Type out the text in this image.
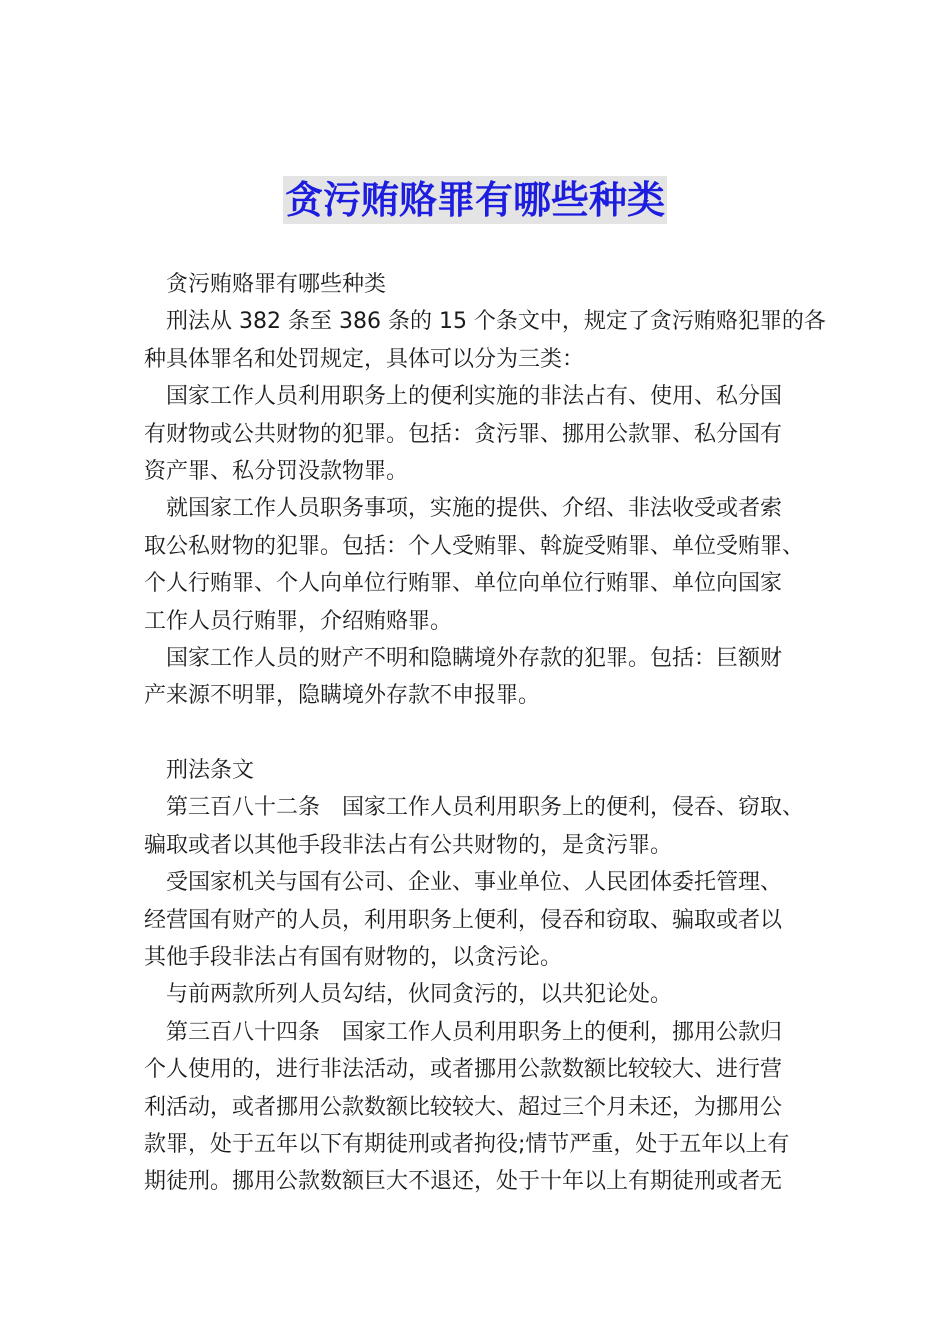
贪污贿赂罪有哪些种类
贪污贿赂罪有哪些种类
刑法从 382 条至 386 条的 15 个条文中，规定了贪污贿赂犯罪的各
种具体罪名和处罚规定，具体可以分为三类：
国家工作人员利用职务上的便利实施的非法占有、使用、私分国
有财物或公共财物的犯罪。包括：贪污罪、挪用公款罪、私分国有
资产罪、私分罚没款物罪。
就国家工作人员职务事项，实施的提供、介绍、非法收受或者索
取公私财物的犯罪。包括：个人受贿罪、斡旋受贿罪、单位受贿罪、
个人行贿罪、个人向单位行贿罪、单位向单位行贿罪、单位向国家
工作人员行贿罪，介绍贿赂罪。
国家工作人员的财产不明和隐瞒境外存款的犯罪。包括：巨额财
产来源不明罪，隐瞒境外存款不申报罪。
刑法条文
第三百八十二条　国家工作人员利用职务上的便利，侵吞、窃取、
骗取或者以其他手段非法占有公共财物的，是贪污罪。
受国家机关与国有公司、企业、事业单位、人民团体委托管理、
经营国有财产的人员，利用职务上便利，侵吞和窃取、骗取或者以
其他手段非法占有国有财物的，以贪污论。
与前两款所列人员勾结，伙同贪污的，以共犯论处。
第三百八十四条　国家工作人员利用职务上的便利，挪用公款归
个人使用的，进行非法活动，或者挪用公款数额比较较大、进行营
利活动，或者挪用公款数额比较较大、超过三个月未还，为挪用公
款罪，处于五年以下有期徒刑或者拘役;情节严重，处于五年以上有
期徒刑。挪用公款数额巨大不退还，处于十年以上有期徒刑或者无
